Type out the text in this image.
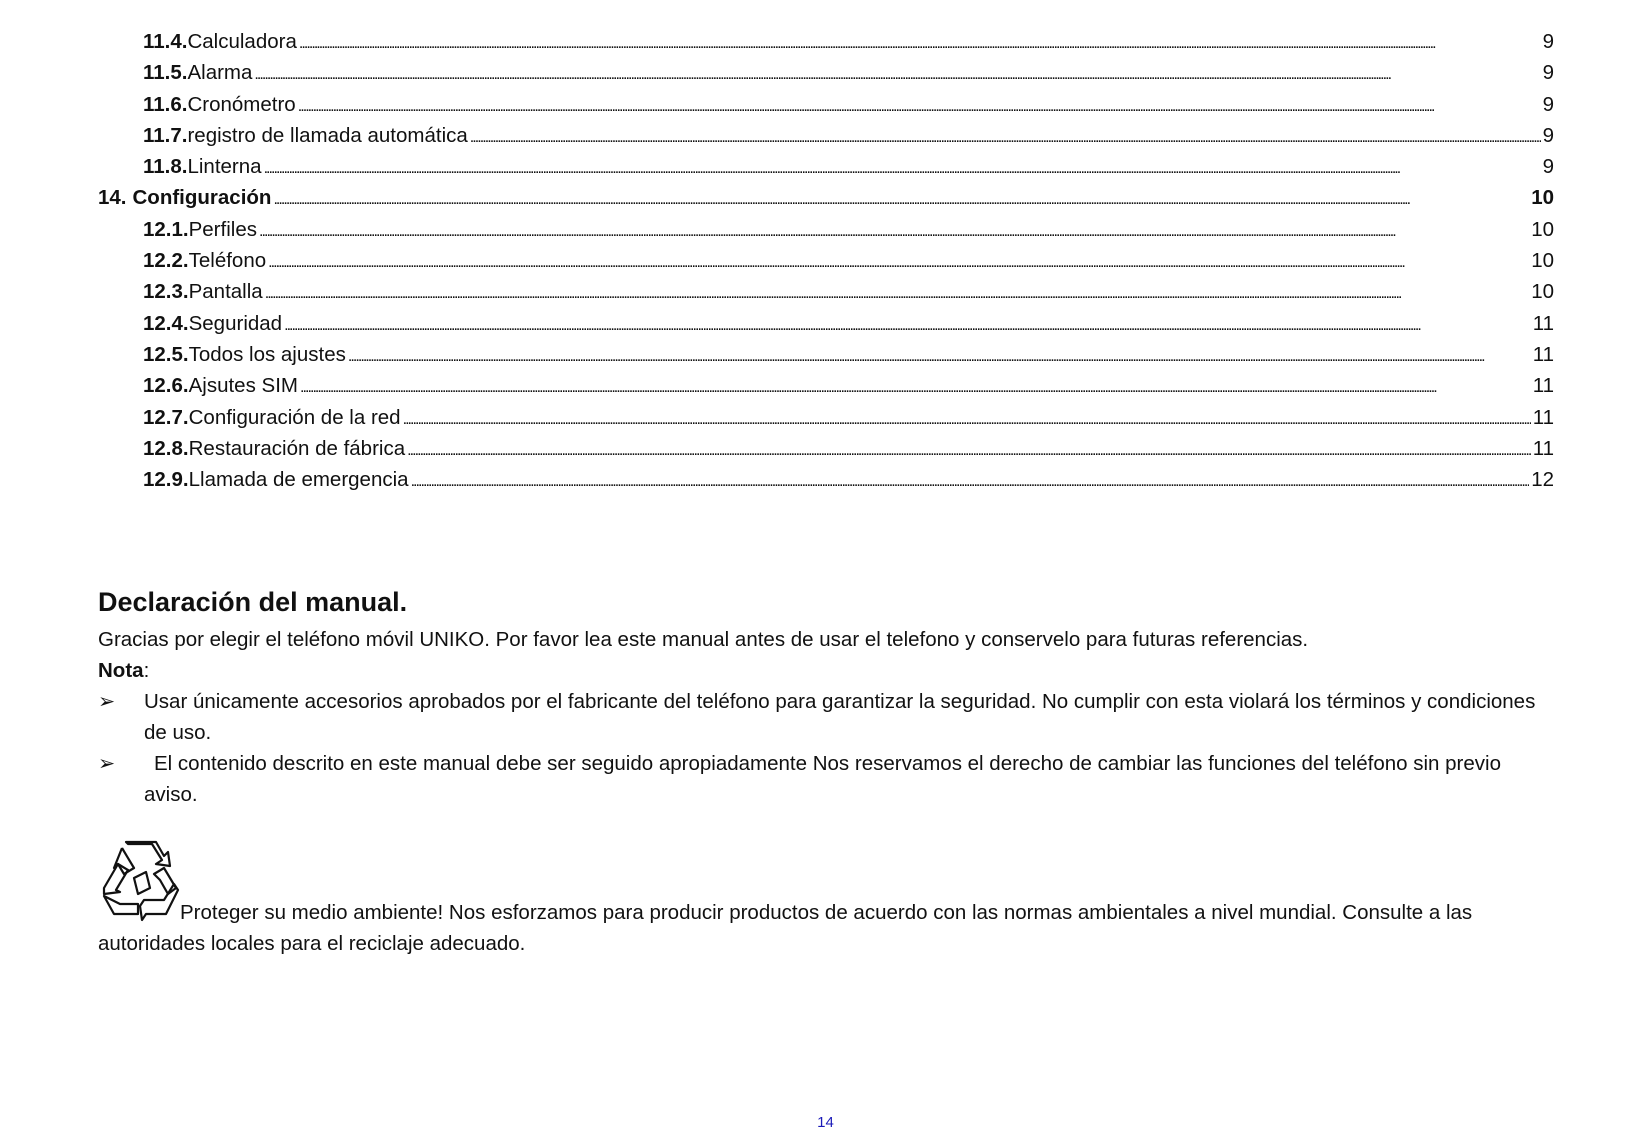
11.4. Calculadora . . .	9
11.5. Alarma . . .	9
11.6. Cronómetro . . .	9
11.7. registro de llamada automática . . .	9
11.8. Linterna . . .	9
14. Configuración . . .	10
12.1. Perfiles . . .	10
12.2. Teléfono . . .	10
12.3. Pantalla . . .	10
12.4. Seguridad . . .	11
12.5. Todos los ajustes . . .	11
12.6. Ajsutes SIM . . .	11
12.7. Configuración de la red . . .	11
12.8. Restauración de fábrica . . .	11
12.9. Llamada de emergencia . . .	12
Declaración del manual.

Gracias por elegir el teléfono móvil UNIKO. Por favor lea este manual antes de usar el telefono y conservelo para futuras referencias.

Nota:

➢	Usar únicamente accesorios aprobados por el fabricante del teléfono para garantizar la seguridad. No cumplir con esta violará los términos y condiciones de uso.
➢	El contenido descrito en este manual debe ser seguido apropiadamente Nos reservamos el derecho de cambiar las funciones del teléfono sin previo aviso.
Proteger su medio ambiente! Nos esforzamos para producir productos de acuerdo con las normas ambientales a nivel mundial. Consulte a las autoridades locales para el reciclaje adecuado.
14
